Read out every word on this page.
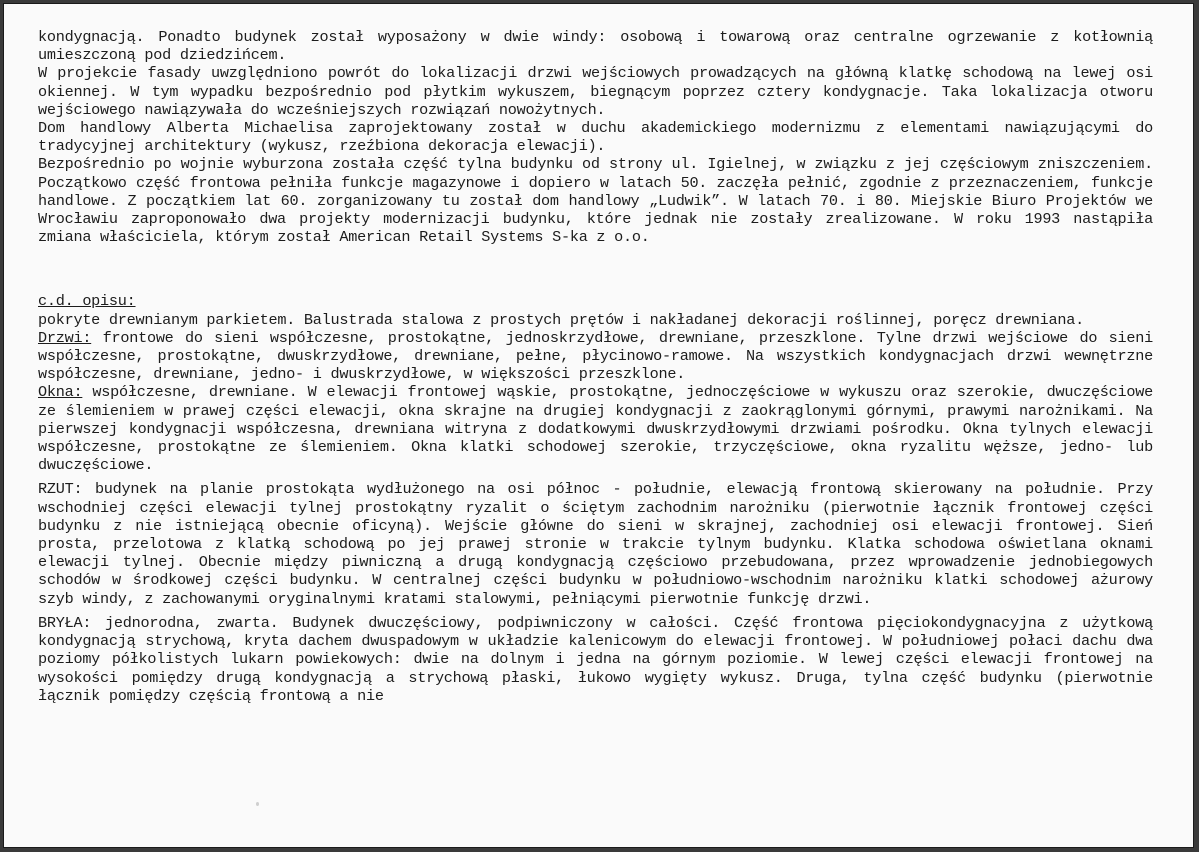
kondygnacją. Ponadto budynek został wyposażony w dwie windy: osobową i towarową oraz centralne ogrzewanie z kotłownią umieszczoną pod dziedzińcem.

W projekcie fasady uwzględniono powrót do lokalizacji drzwi wejściowych prowadzących na główną klatkę schodową na lewej osi okiennej. W tym wypadku bezpośrednio pod płytkim wykuszem, biegnącym poprzez cztery kondygnacje. Taka lokalizacja otworu wejściowego nawiązywała do wcześniejszych rozwiązań nowożytnych.

Dom handlowy Alberta Michaelisa zaprojektowany został w duchu akademickiego modernizmu z elementami nawiązującymi do tradycyjnej architektury (wykusz, rzeźbiona dekoracja elewacji).

Bezpośrednio po wojnie wyburzona została część tylna budynku od strony ul. Igielnej, w związku z jej częściowym zniszczeniem. Początkowo część frontowa pełniła funkcje magazynowe i dopiero w latach 50. zaczęła pełnić, zgodnie z przeznaczeniem, funkcje handlowe. Z początkiem lat 60. zorganizowany tu został dom handlowy „Ludwik”. W latach 70. i 80. Miejskie Biuro Projektów we Wrocławiu zaproponowało dwa projekty modernizacji budynku, które jednak nie zostały zrealizowane. W roku 1993 nastąpiła zmiana właściciela, którym został American Retail Systems S-ka z o.o.

c.d. opisu:

pokryte drewnianym parkietem. Balustrada stalowa z prostych prętów i nakładanej dekoracji roślinnej, poręcz drewniana.

Drzwi: frontowe do sieni współczesne, prostokątne, jednoskrzydłowe, drewniane, przeszklone. Tylne drzwi wejściowe do sieni współczesne, prostokątne, dwuskrzydłowe, drewniane, pełne, płycinowo-ramowe. Na wszystkich kondygnacjach drzwi wewnętrzne współczesne, drewniane, jedno- i dwuskrzydłowe, w większości przeszklone.

Okna: współczesne, drewniane. W elewacji frontowej wąskie, prostokątne, jednoczęściowe w wykuszu oraz szerokie, dwuczęściowe ze ślemieniem w prawej części elewacji, okna skrajne na drugiej kondygnacji z zaokrąglonymi górnymi, prawymi narożnikami. Na pierwszej kondygnacji współczesna, drewniana witryna z dodatkowymi dwuskrzydłowymi drzwiami pośrodku. Okna tylnych elewacji współczesne, prostokątne ze ślemieniem. Okna klatki schodowej szerokie, trzyczęściowe, okna ryzalitu węższe, jedno- lub dwuczęściowe.

RZUT: budynek na planie prostokąta wydłużonego na osi północ - południe, elewacją frontową skierowany na południe. Przy wschodniej części elewacji tylnej prostokątny ryzalit o ściętym zachodnim narożniku (pierwotnie łącznik frontowej części budynku z nie istniejącą obecnie oficyną). Wejście główne do sieni w skrajnej, zachodniej osi elewacji frontowej. Sień prosta, przelotowa z klatką schodową po jej prawej stronie w trakcie tylnym budynku. Klatka schodowa oświetlana oknami elewacji tylnej. Obecnie między piwniczną a drugą kondygnacją częściowo przebudowana, przez wprowadzenie jednobiegowych schodów w środkowej części budynku. W centralnej części budynku w południowo-wschodnim narożniku klatki schodowej ażurowy szyb windy, z zachowanymi oryginalnymi kratami stalowymi, pełniącymi pierwotnie funkcję drzwi.

BRYŁA: jednorodna, zwarta. Budynek dwuczęściowy, podpiwniczony w całości. Część frontowa pięciokondygnacyjna z użytkową kondygnacją strychową, kryta dachem dwuspadowym w układzie kalenicowym do elewacji frontowej. W południowej połaci dachu dwa poziomy półkolistych lukarn powiekowych: dwie na dolnym i jedna na górnym poziomie. W lewej części elewacji frontowej na wysokości pomiędzy drugą kondygnacją a strychową płaski, łukowo wygięty wykusz. Druga, tylna część budynku (pierwotnie łącznik pomiędzy częścią frontową a nie
